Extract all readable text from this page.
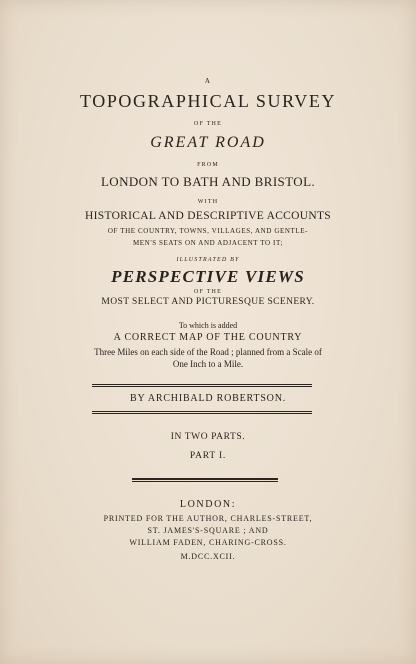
A
TOPOGRAPHICAL SURVEY
OF THE
GREAT ROAD
FROM
LONDON TO BATH AND BRISTOL.
WITH
HISTORICAL AND DESCRIPTIVE ACCOUNTS
OF THE COUNTRY, TOWNS, VILLAGES, AND GENTLE-
MEN'S SEATS ON AND ADJACENT TO IT;
ILLUSTRATED BY
PERSPECTIVE VIEWS
OF THE
MOST SELECT AND PICTURESQUE SCENERY.
To which is added
A CORRECT MAP OF THE COUNTRY
Three Miles on each side of the Road ; planned from a Scale of
One Inch to a Mile.
BY ARCHIBALD ROBERTSON.
IN TWO PARTS.
PART I.
LONDON:
PRINTED FOR THE AUTHOR, CHARLES-STREET,
ST. JAMES'S-SQUARE ; AND
WILLIAM FADEN, CHARING-CROSS.
M.DCC.XCII.
